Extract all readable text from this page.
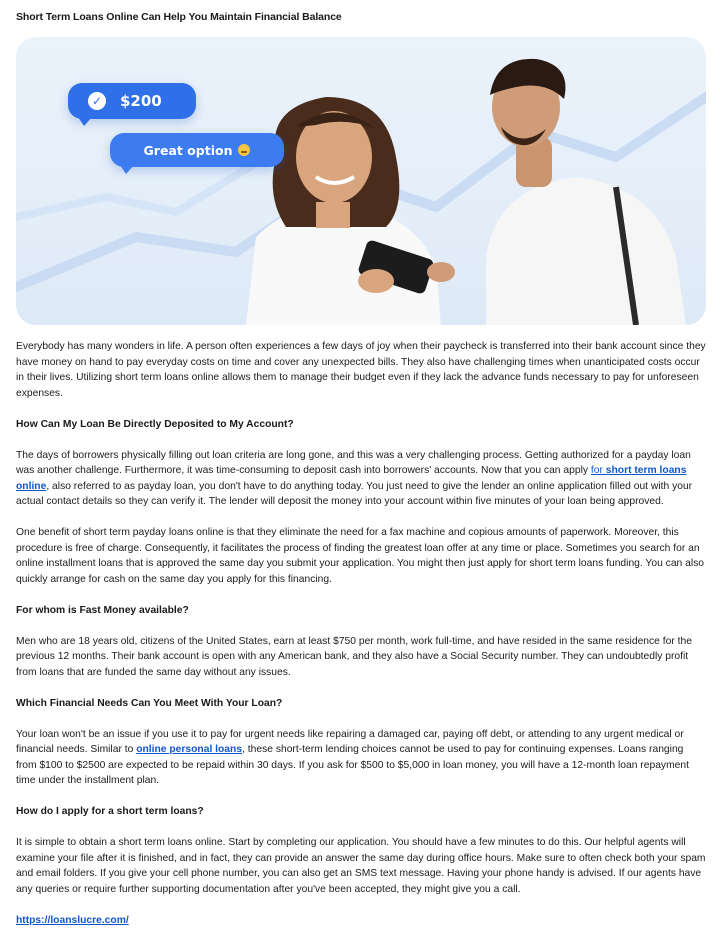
Short Term Loans Online Can Help You Maintain Financial Balance
✓ $200
Great option

Everybody has many wonders in life. A person often experiences a few days of joy when their paycheck is transferred into their bank account since they have money on hand to pay everyday costs on time and cover any unexpected bills. They also have challenging times when unanticipated costs occur in their lives. Utilizing short term loans online allows them to manage their budget even if they lack the advance funds necessary to pay for unforeseen expenses.

How Can My Loan Be Directly Deposited to My Account?

The days of borrowers physically filling out loan criteria are long gone, and this was a very challenging process. Getting authorized for a payday loan was another challenge. Furthermore, it was time-consuming to deposit cash into borrowers' accounts. Now that you can apply for short term loans online, also referred to as payday loan, you don't have to do anything today. You just need to give the lender an online application filled out with your actual contact details so they can verify it. The lender will deposit the money into your account within five minutes of your loan being approved.

One benefit of short term payday loans online is that they eliminate the need for a fax machine and copious amounts of paperwork. Moreover, this procedure is free of charge. Consequently, it facilitates the process of finding the greatest loan offer at any time or place. Sometimes you search for an online installment loans that is approved the same day you submit your application. You might then just apply for short term loans funding. You can also quickly arrange for cash on the same day you apply for this financing.

For whom is Fast Money available?

Men who are 18 years old, citizens of the United States, earn at least $750 per month, work full-time, and have resided in the same residence for the previous 12 months. Their bank account is open with any American bank, and they also have a Social Security number. They can undoubtedly profit from loans that are funded the same day without any issues.

Which Financial Needs Can You Meet With Your Loan?

Your loan won't be an issue if you use it to pay for urgent needs like repairing a damaged car, paying off debt, or attending to any urgent medical or financial needs. Similar to online personal loans, these short-term lending choices cannot be used to pay for continuing expenses. Loans ranging from $100 to $2500 are expected to be repaid within 30 days. If you ask for $500 to $5,000 in loan money, you will have a 12-month loan repayment time under the installment plan.

How do I apply for a short term loans?

It is simple to obtain a short term loans online. Start by completing our application. You should have a few minutes to do this. Our helpful agents will examine your file after it is finished, and in fact, they can provide an answer the same day during office hours. Make sure to often check both your spam and email folders. If you give your cell phone number, you can also get an SMS text message. Having your phone handy is advised. If our agents have any queries or require further supporting documentation after you've been accepted, they might give you a call.

https://loanslucre.com/
